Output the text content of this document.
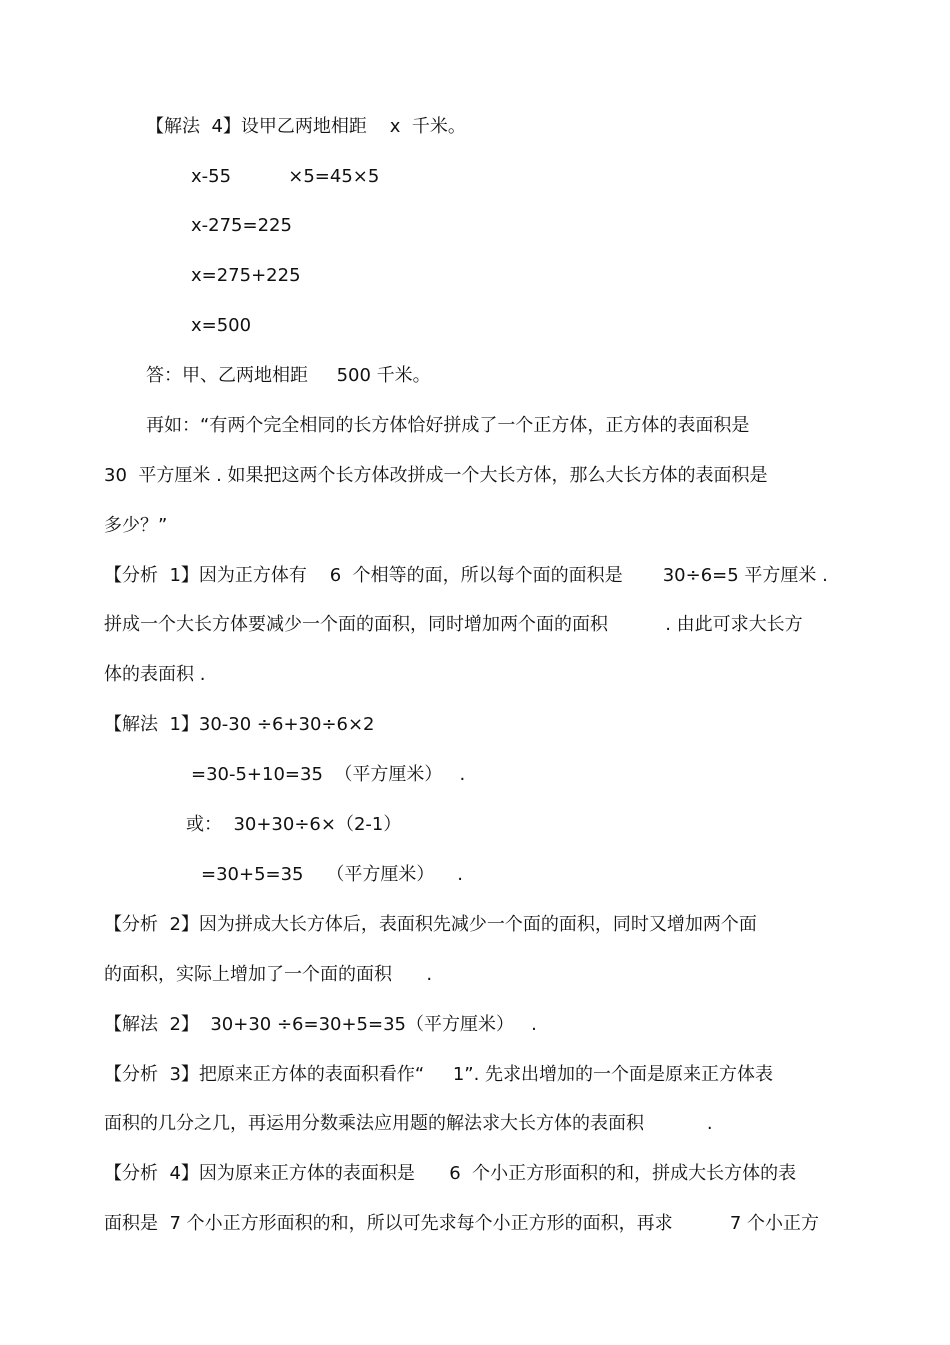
【解法  4】设甲乙两地相距    x  千米。
x-55          ×5=45×5
x-275=225
x=275+225
x=500
答：甲、乙两地相距     500 千米。
再如：“有两个完全相同的长方体恰好拼成了一个正方体，正方体的表面积是
30  平方厘米 . 如果把这两个长方体改拼成一个大长方体，那么大长方体的表面积是
多少？”
【分析  1】因为正方体有    6  个相等的面，所以每个面的面积是       30÷6=5 平方厘米 .
拼成一个大长方体要减少一个面的面积，同时增加两个面的面积          . 由此可求大长方
体的表面积 .
【解法  1】30-30 ÷6+30÷6×2
=30-5+10=35  （平方厘米）   .
或：  30+30÷6×（2-1）
=30+5=35    （平方厘米）    .
【分析  2】因为拼成大长方体后，表面积先减少一个面的面积，同时又增加两个面
的面积，实际上增加了一个面的面积      .
【解法  2】  30+30 ÷6=30+5=35（平方厘米）   .
【分析  3】把原来正方体的表面积看作“     1”. 先求出增加的一个面是原来正方体表
面积的几分之几，再运用分数乘法应用题的解法求大长方体的表面积           .
【分析  4】因为原来正方体的表面积是      6  个小正方形面积的和，拼成大长方体的表
面积是  7 个小正方形面积的和，所以可先求每个小正方形的面积，再求          7 个小正方
